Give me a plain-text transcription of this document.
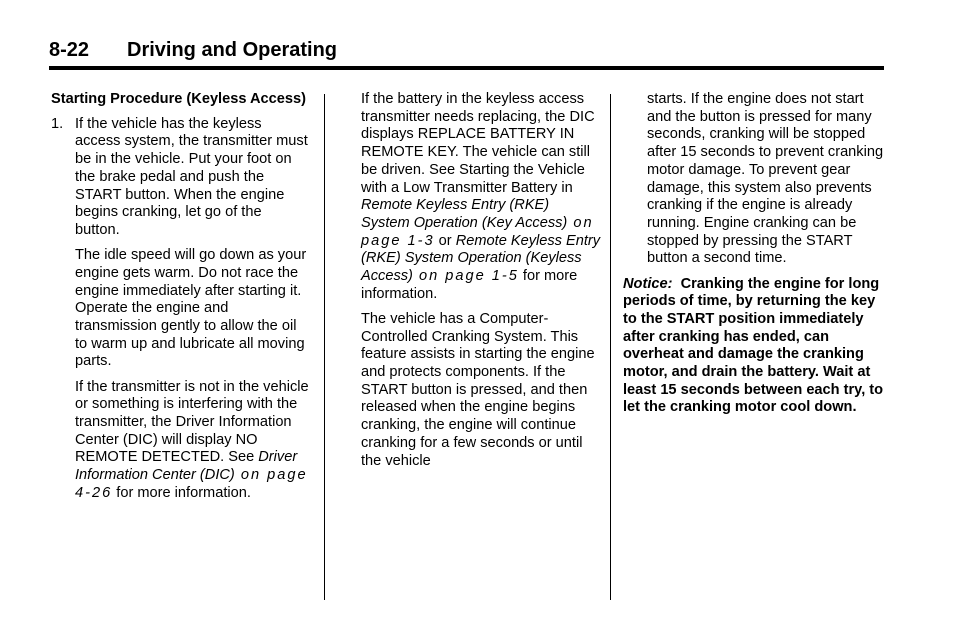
8-22 Driving and Operating
Starting Procedure (Keyless Access)
1. If the vehicle has the keyless access system, the transmitter must be in the vehicle. Put your foot on the brake pedal and push the START button. When the engine begins cranking, let go of the button.
The idle speed will go down as your engine gets warm. Do not race the engine immediately after starting it. Operate the engine and transmission gently to allow the oil to warm up and lubricate all moving parts.
If the transmitter is not in the vehicle or something is interfering with the transmitter, the Driver Information Center (DIC) will display NO REMOTE DETECTED. See Driver Information Center (DIC) on page 4-26 for more information.
If the battery in the keyless access transmitter needs replacing, the DIC displays REPLACE BATTERY IN REMOTE KEY. The vehicle can still be driven. See Starting the Vehicle with a Low Transmitter Battery in Remote Keyless Entry (RKE) System Operation (Key Access) on page 1-3 or Remote Keyless Entry (RKE) System Operation (Keyless Access) on page 1-5 for more information.
The vehicle has a Computer-Controlled Cranking System. This feature assists in starting the engine and protects components. If the START button is pressed, and then released when the engine begins cranking, the engine will continue cranking for a few seconds or until the vehicle
starts. If the engine does not start and the button is pressed for many seconds, cranking will be stopped after 15 seconds to prevent cranking motor damage. To prevent gear damage, this system also prevents cranking if the engine is already running. Engine cranking can be stopped by pressing the START button a second time.
Notice:  Cranking the engine for long periods of time, by returning the key to the START position immediately after cranking has ended, can overheat and damage the cranking motor, and drain the battery. Wait at least 15 seconds between each try, to let the cranking motor cool down.
